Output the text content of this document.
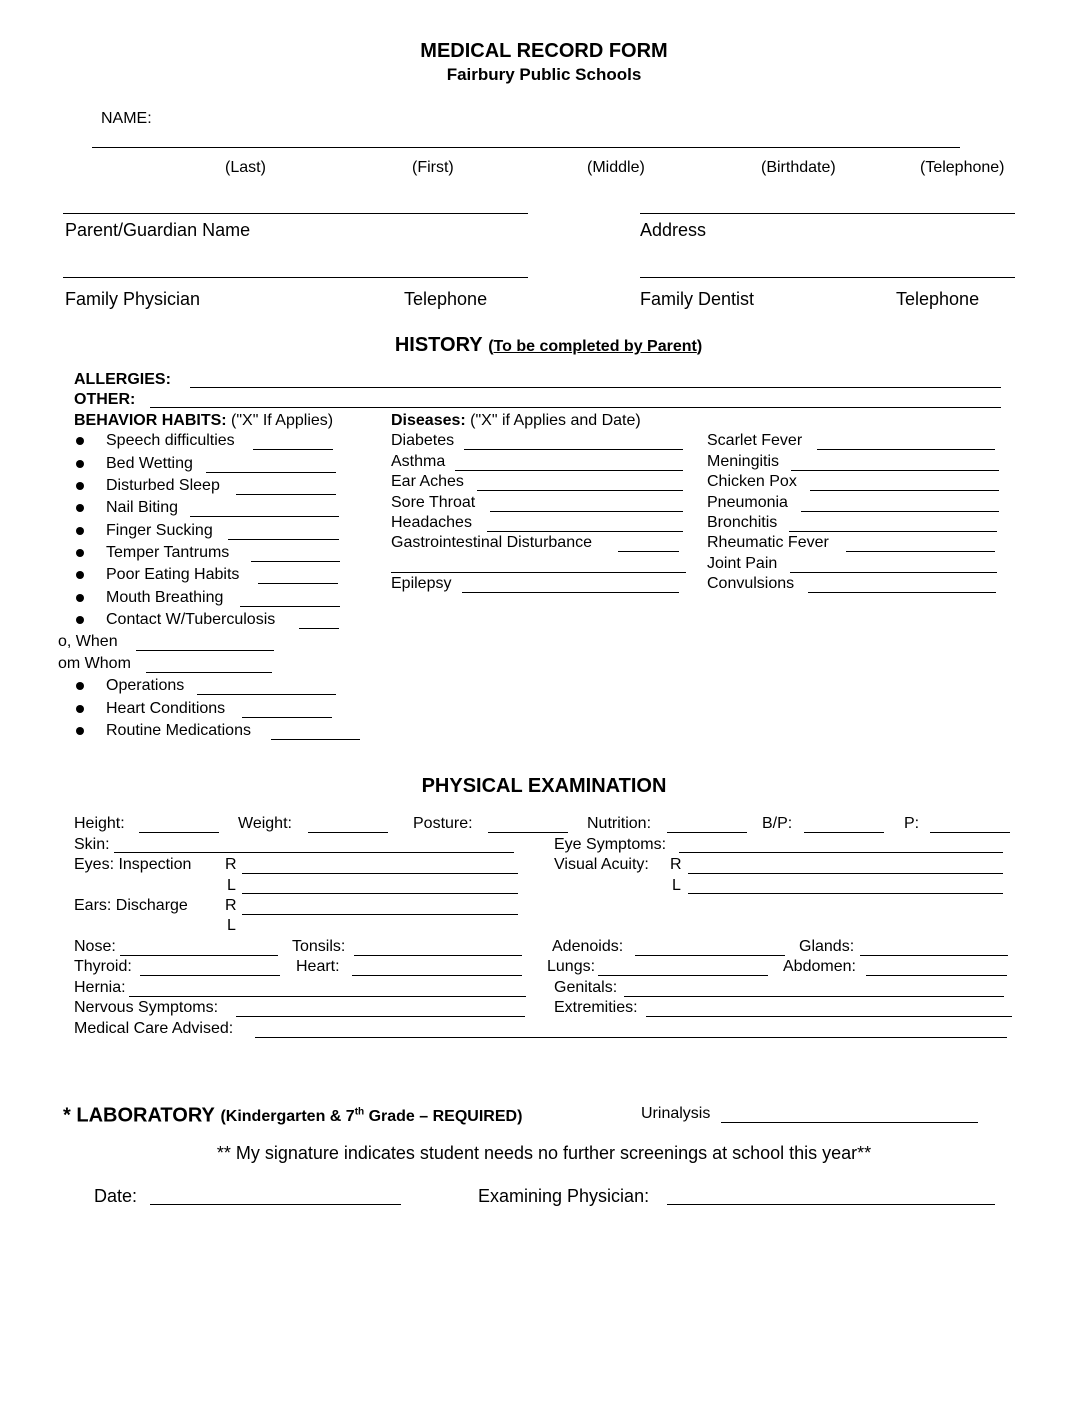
MEDICAL RECORD FORM
Fairbury Public Schools
NAME:
(Last)	(First)	(Middle)	(Birthdate)	(Telephone)
Parent/Guardian Name	Address
Family Physician	Telephone	Family Dentist	Telephone
HISTORY (To be completed by Parent)
ALLERGIES:
OTHER:
BEHAVIOR HABITS: ("X" If Applies)
Speech difficulties
Bed Wetting
Disturbed Sleep
Nail Biting
Finger Sucking
Temper Tantrums
Poor Eating Habits
Mouth Breathing
Contact W/Tuberculosis
o, When
om Whom
Operations
Heart Conditions
Routine Medications
Diseases: ("X" if Applies and Date)
Diabetes
Asthma
Ear Aches
Sore Throat
Headaches
Gastrointestinal Disturbance
Epilepsy
Scarlet Fever
Meningitis
Chicken Pox
Pneumonia
Bronchitis
Rheumatic Fever
Joint Pain
Convulsions
PHYSICAL EXAMINATION
Height:	Weight:	Posture:	Nutrition:	B/P:	P:
Skin:	Eye Symptoms:
Eyes: Inspection R	Visual Acuity: R
L	L
Ears: Discharge R
L
Nose:	Tonsils:	Adenoids:	Glands:
Thyroid:	Heart:	Lungs:	Abdomen:
Hernia:	Genitals:
Nervous Symptoms:	Extremities:
Medical Care Advised:
* LABORATORY (Kindergarten & 7th Grade – REQUIRED)	Urinalysis
** My signature indicates student needs no further screenings at school this year**
Date:	Examining Physician:
